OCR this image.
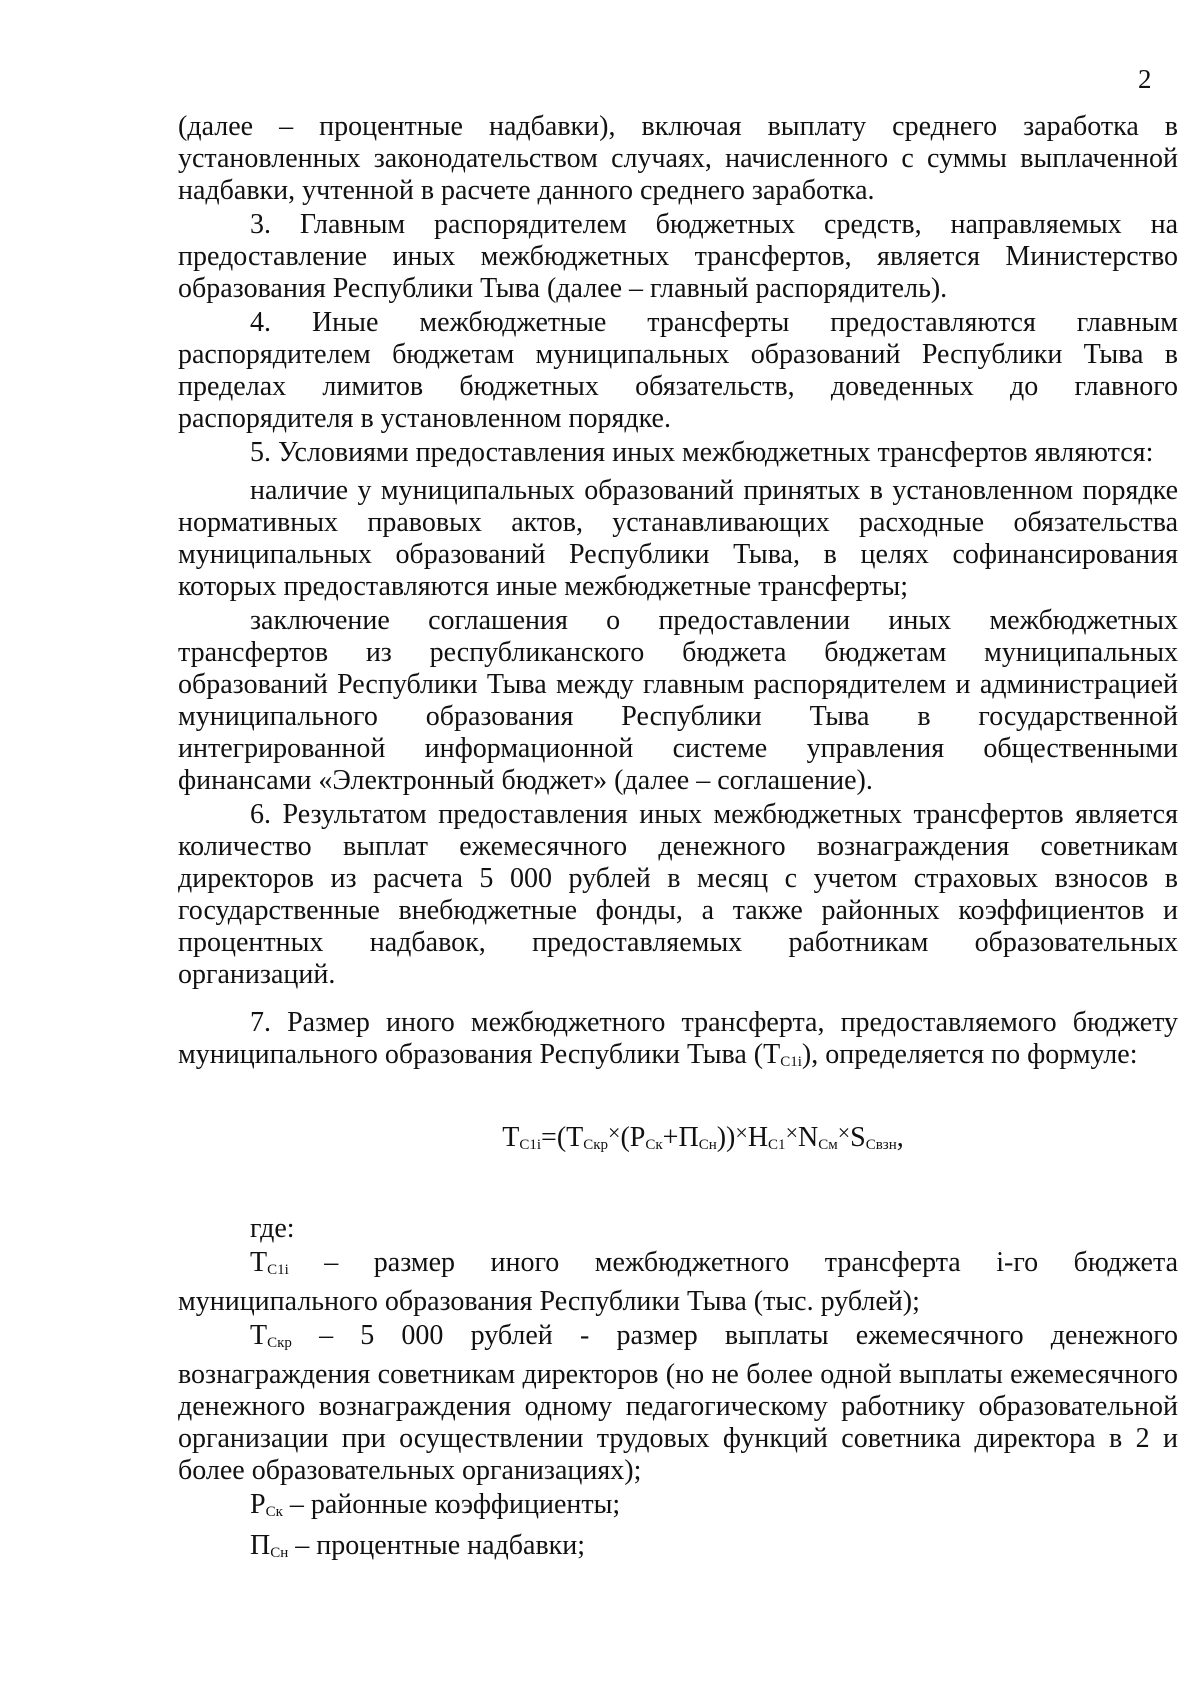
2

(далее – процентные надбавки), включая выплату среднего заработка в установленных законодательством случаях, начисленного с суммы выплаченной надбавки, учтенной в расчете данного среднего заработка.

3. Главным распорядителем бюджетных средств, направляемых на предоставление иных межбюджетных трансфертов, является Министерство образования Республики Тыва (далее – главный распорядитель).

4. Иные межбюджетные трансферты предоставляются главным распорядителем бюджетам муниципальных образований Республики Тыва в пределах лимитов бюджетных обязательств, доведенных до главного распорядителя в установленном порядке.

5. Условиями предоставления иных межбюджетных трансфертов являются:

наличие у муниципальных образований принятых в установленном порядке нормативных правовых актов, устанавливающих расходные обязательства муниципальных образований Республики Тыва, в целях софинансирования которых предоставляются иные межбюджетные трансферты;

заключение соглашения о предоставлении иных межбюджетных трансфертов из республиканского бюджета бюджетам муниципальных образований Республики Тыва между главным распорядителем и администрацией муниципального образования Республики Тыва в государственной интегрированной информационной системе управления общественными финансами «Электронный бюджет» (далее – соглашение).

6. Результатом предоставления иных межбюджетных трансфертов является количество выплат ежемесячного денежного вознаграждения советникам директоров из расчета 5 000 рублей в месяц с учетом страховых взносов в государственные внебюджетные фонды, а также районных коэффициентов и процентных надбавок, предоставляемых работникам образовательных организаций.

7. Размер иного межбюджетного трансферта, предоставляемого бюджету муниципального образования Республики Тыва $(Т_{C1i})$, определяется по формуле:

$Т_{C1i}=(Т_{Скр}^\times(Р_{Ск}+П_{Сн}))^\times Н_{С1}^\times N_{См}^\times S_{Свзн}$,

где:

$Т_{C1i}$ – размер иного межбюджетного трансферта i-го бюджета муниципального образования Республики Тыва (тыс. рублей);

$Т_{Скр} - 5$ 000 рублей - размер выплаты ежемесячного денежного вознаграждения советникам директоров (но не более одной выплаты ежемесячного денежного вознаграждения одному педагогическому работнику образовательной организации при осуществлении трудовых функций советника директора в 2 и более образовательных организациях);

$Р_{Ск}$ – районные коэффициенты;

$П_{Сн}$ – процентные надбавки;
